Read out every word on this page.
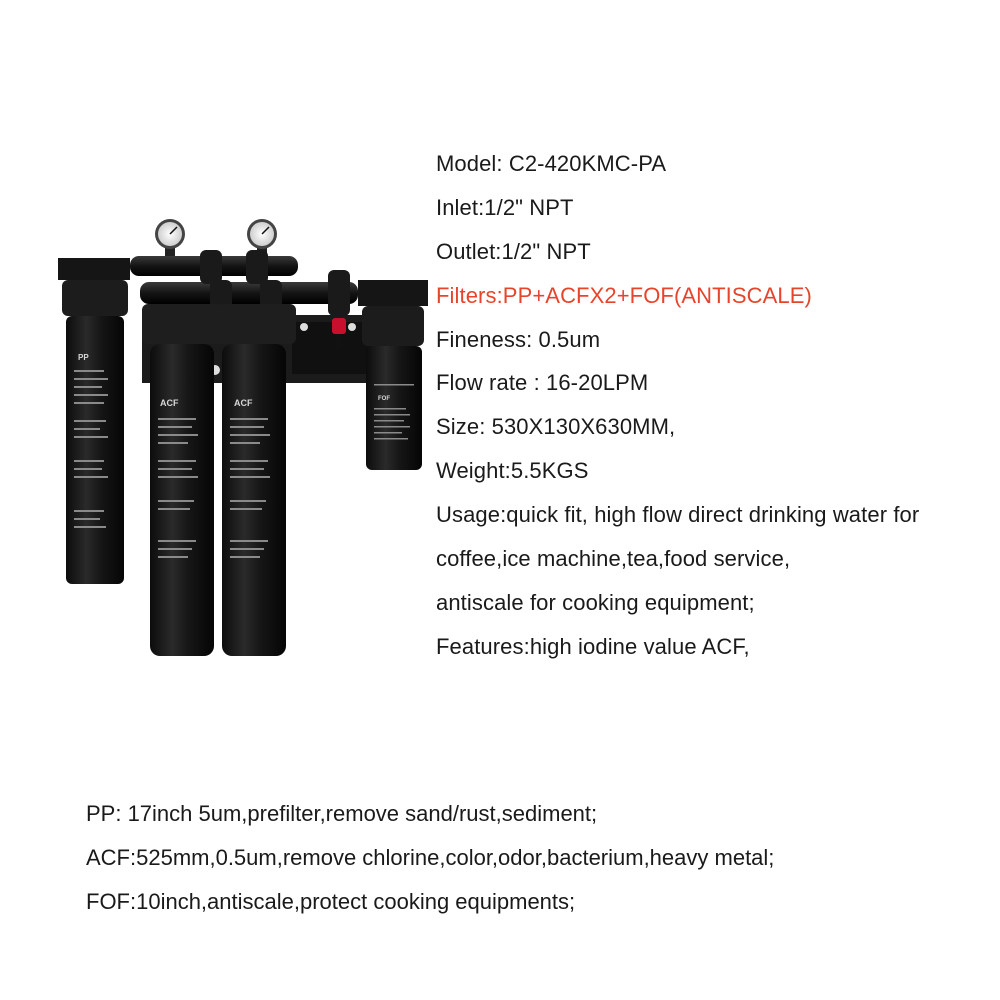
PP
ACF	ACF	FOF
Model: C2-420KMC-PA
Inlet:1/2" NPT
Outlet:1/2" NPT
Filters:PP+ACFX2+FOF(ANTISCALE)
Fineness: 0.5um
Flow rate : 16-20LPM
Size: 530X130X630MM,
Weight:5.5KGS
Usage:quick fit, high flow direct drinking water for
coffee,ice machine,tea,food service,
antiscale for cooking equipment;
Features:high iodine value ACF,
PP: 17inch 5um,prefilter,remove sand/rust,sediment;
ACF:525mm,0.5um,remove chlorine,color,odor,bacterium,heavy metal;
FOF:10inch,antiscale,protect cooking equipments;
